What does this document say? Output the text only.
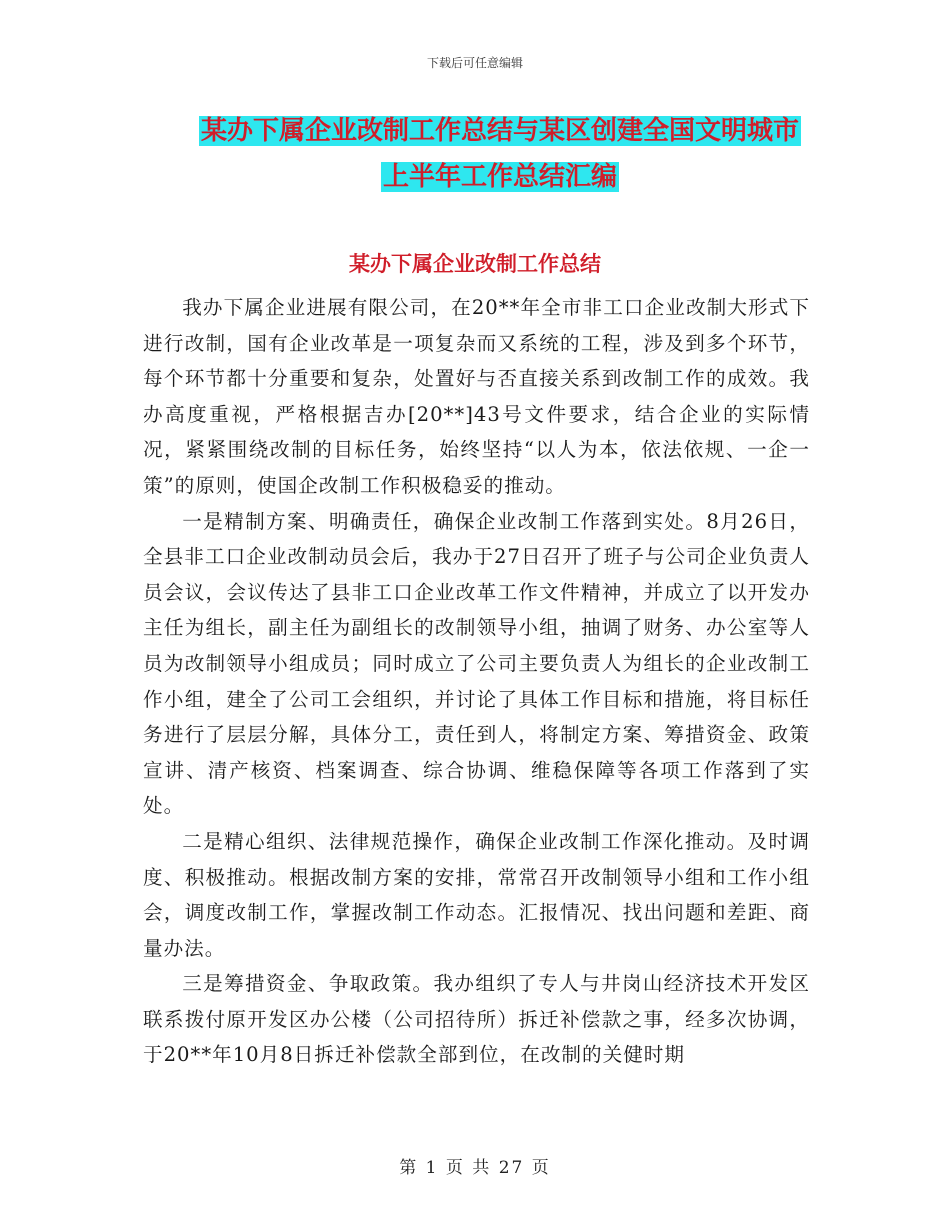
下载后可任意编辑
某办下属企业改制工作总结与某区创建全国文明城市
上半年工作总结汇编
某办下属企业改制工作总结

我办下属企业进展有限公司，在20**年全市非工口企业改制大形式下进行改制，国有企业改革是一项复杂而又系统的工程，涉及到多个环节，每个环节都十分重要和复杂，处置好与否直接关系到改制工作的成效。我办高度重视，严格根据吉办[20**]43号文件要求，结合企业的实际情况，紧紧围绕改制的目标任务，始终坚持“以人为本，依法依规、一企一策”的原则，使国企改制工作积极稳妥的推动。

一是精制方案、明确责任，确保企业改制工作落到实处。8月26日，全县非工口企业改制动员会后，我办于27日召开了班子与公司企业负责人员会议，会议传达了县非工口企业改革工作文件精神，并成立了以开发办主任为组长，副主任为副组长的改制领导小组，抽调了财务、办公室等人员为改制领导小组成员；同时成立了公司主要负责人为组长的企业改制工作小组，建全了公司工会组织，并讨论了具体工作目标和措施，将目标任务进行了层层分解，具体分工，责任到人，将制定方案、筹措资金、政策宣讲、清产核资、档案调查、综合协调、维稳保障等各项工作落到了实处。

二是精心组织、法律规范操作，确保企业改制工作深化推动。及时调度、积极推动。根据改制方案的安排，常常召开改制领导小组和工作小组会，调度改制工作，掌握改制工作动态。汇报情况、找出问题和差距、商量办法。

三是筹措资金、争取政策。我办组织了专人与井岗山经济技术开发区联系拨付原开发区办公楼（公司招待所）拆迁补偿款之事，经多次协调，于20**年10月8日拆迁补偿款全部到位，在改制的关健时期

第 1 页 共 27 页
